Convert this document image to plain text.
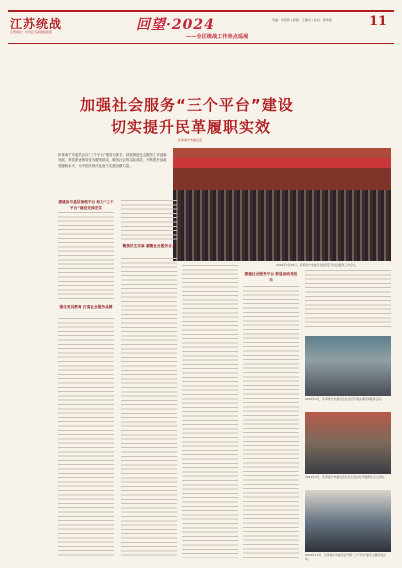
江苏统战
主管单位：中共江苏省委统战部	回望·2024
——全区统战工作亮点巡展
责编：李欣欣 | 版面：王继华 | 校对：鲁秀丽	11
加强社会服务“三个平台”建设
切实提升民革履职实效
民革南宁市委员会
民革南宁市委员会以“三个平台”建设为抓手，持续推进社会服务工作创新发展，将党派优势转化为服务群众、服务社会的实际成效，不断提升参政党履职水平，为中国式现代化南宁实践贡献力量。
2024年7月26日，民革南宁市委员会组织召开社会服务工作会议。
搭建参与基层治理平台 助力“三个平台”建设走深走实
强化党员教育 打造社会服务品牌
聚焦民生实事 凝聚社会服务合力
搭建社会服务平台 彰显参政党担当
2024年4月，民革南宁市委员会在社区开展法律咨询服务活动。
2024年5月，民革南宁市委员会党员走进乡村开展惠民义诊活动。
2024年10月，民革南宁市委员会开展“三个平台”建设主题宣讲活动。
